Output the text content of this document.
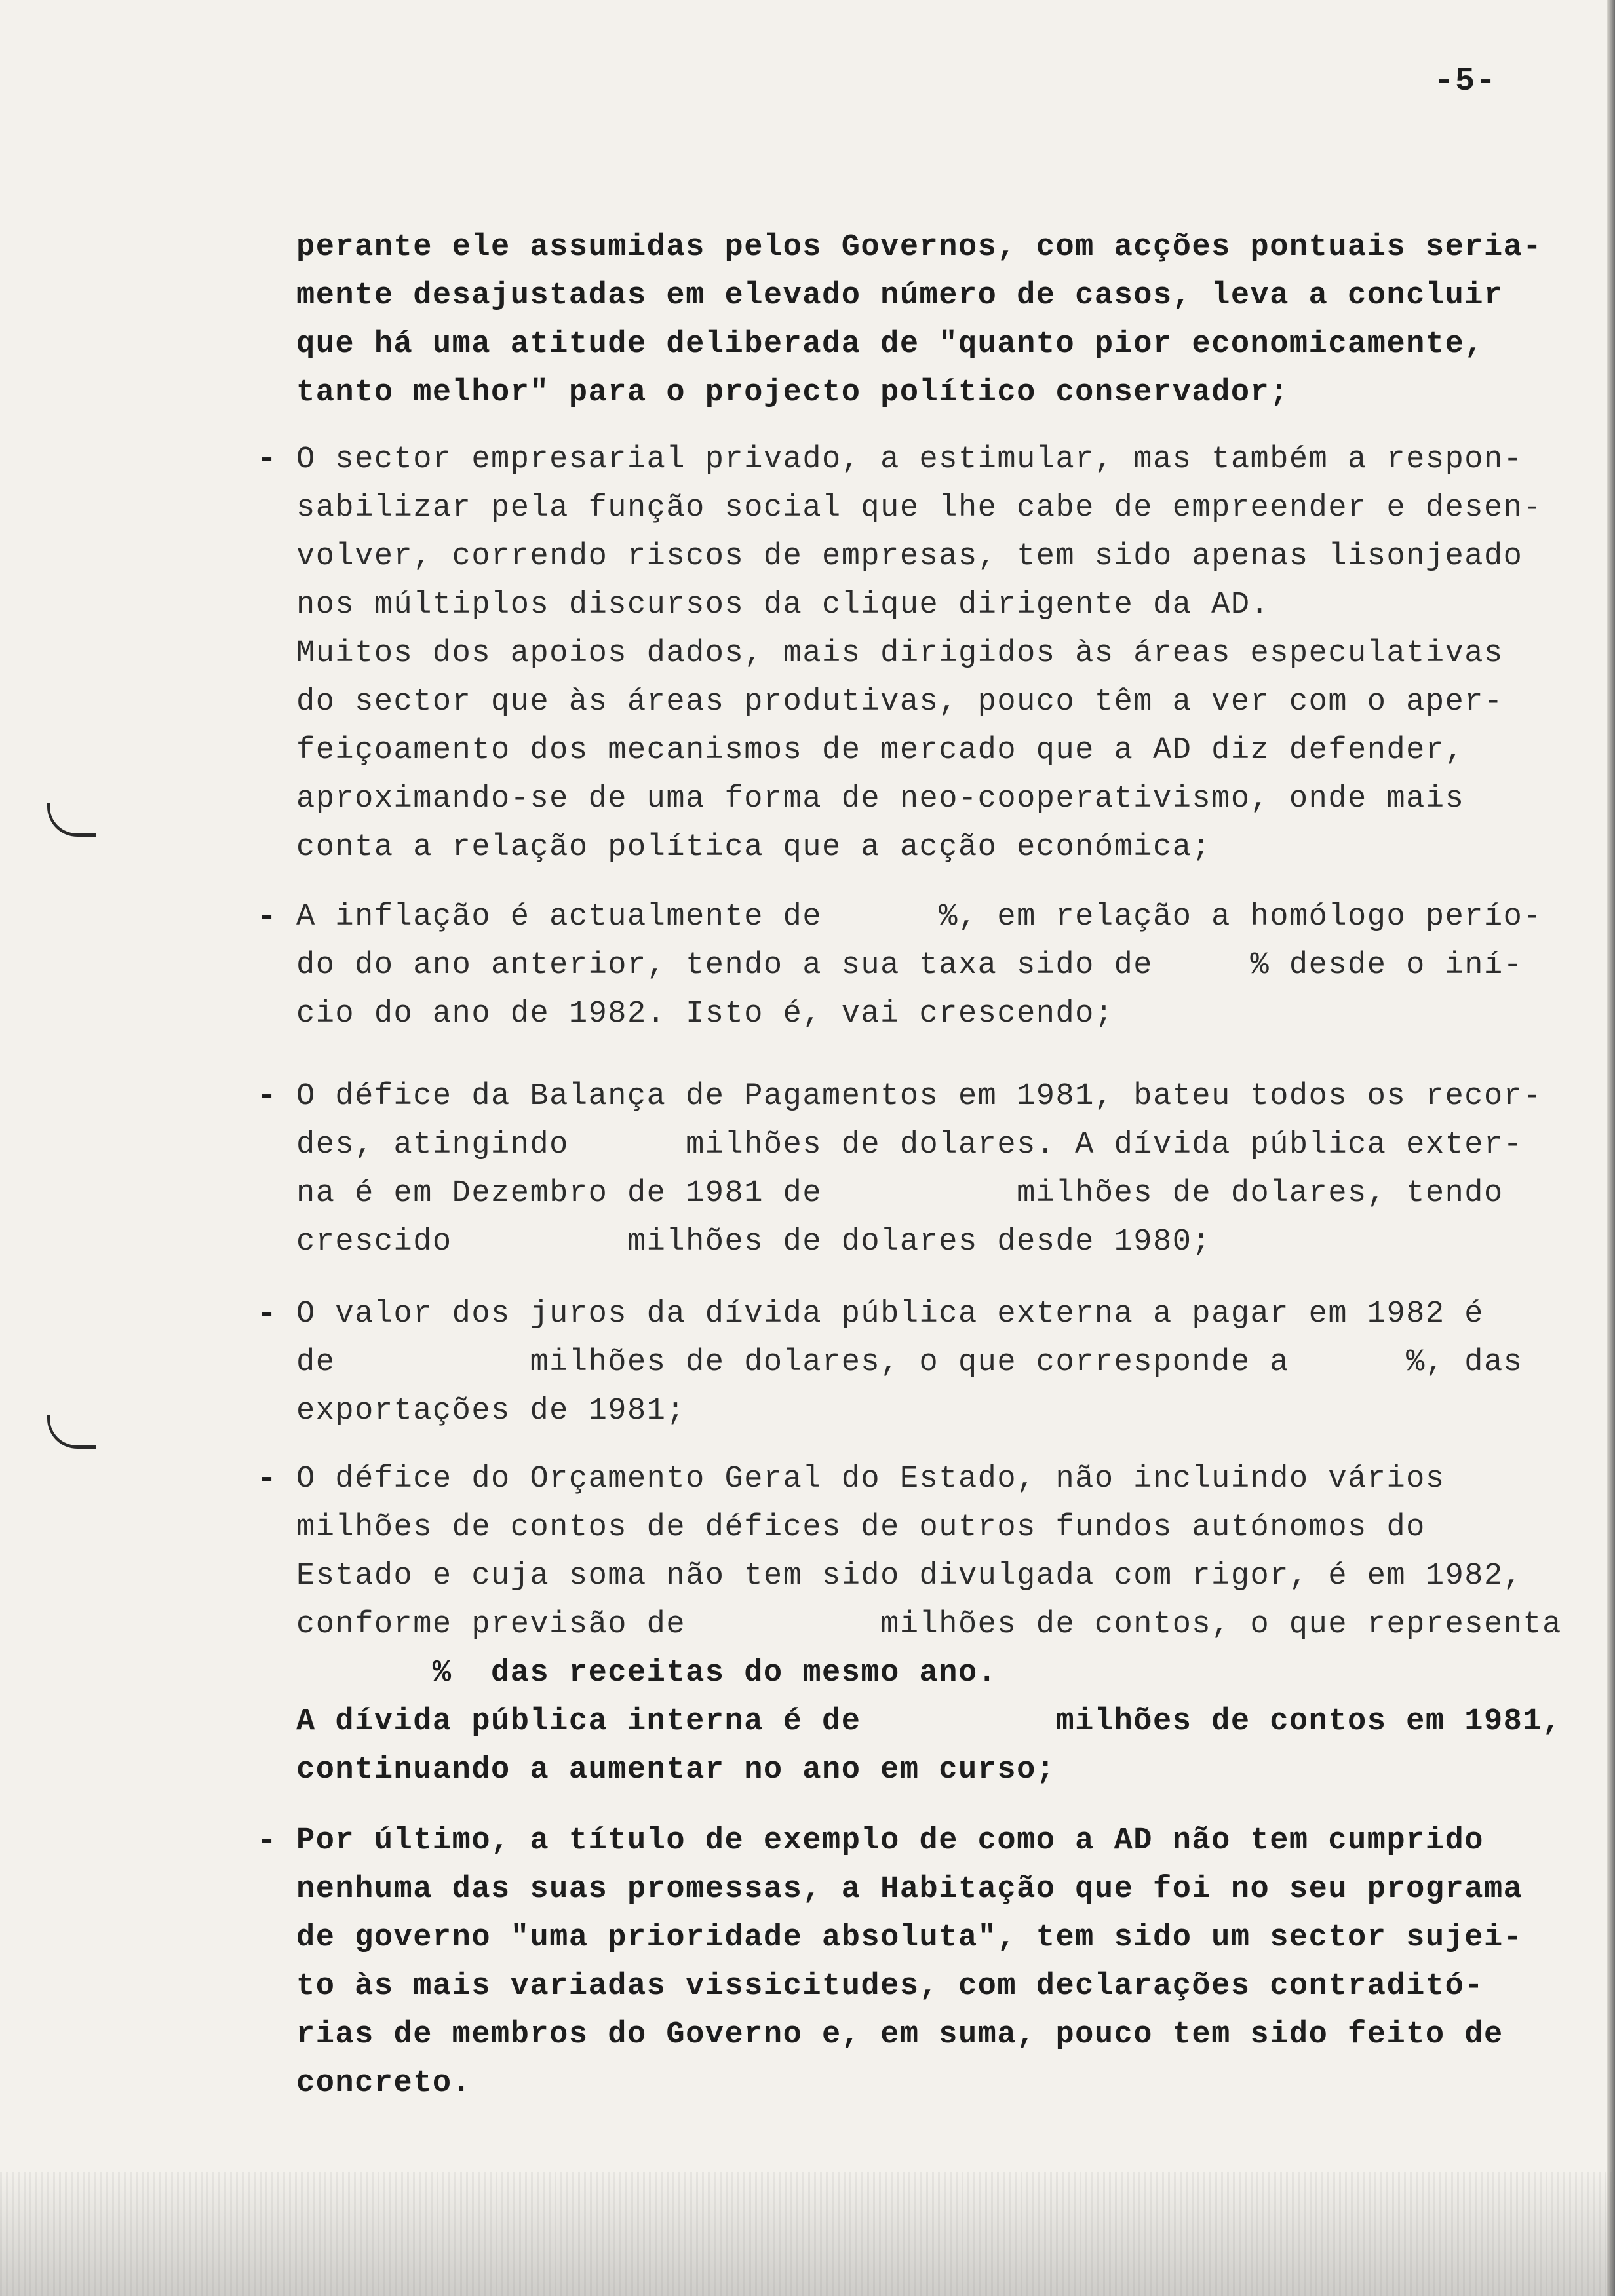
-5-
perante ele assumidas pelos Governos, com acções pontuais seria-
mente desajustadas em elevado número de casos, leva a concluir
que há uma atitude deliberada de "quanto pior economicamente,
tanto melhor" para o projecto político conservador;
- O sector empresarial privado, a estimular, mas também a respon-
sabilizar pela função social que lhe cabe de empreender e desen-
volver, correndo riscos de empresas, tem sido apenas lisonjeado
nos múltiplos discursos da clique dirigente da AD.
Muitos dos apoios dados, mais dirigidos às áreas especulativas
do sector que às áreas produtivas, pouco têm a ver com o aper-
feiçoamento dos mecanismos de mercado que a AD diz defender,
aproximando-se de uma forma de neo-cooperativismo, onde mais
conta a relação política que a acção económica;
- A inflação é actualmente de      %, em relação a homólogo perío-
do do ano anterior, tendo a sua taxa sido de     % desde o iní-
cio do ano de 1982. Isto é, vai crescendo;
- O défice da Balança de Pagamentos em 1981, bateu todos os recor-
des, atingindo      milhões de dolares. A dívida pública exter-
na é em Dezembro de 1981 de          milhões de dolares, tendo
crescido         milhões de dolares desde 1980;
- O valor dos juros da dívida pública externa a pagar em 1982 é
de          milhões de dolares, o que corresponde a      %, das
exportações de 1981;
- O défice do Orçamento Geral do Estado, não incluindo vários
milhões de contos de défices de outros fundos autónomos do
Estado e cuja soma não tem sido divulgada com rigor, é em 1982,
conforme previsão de          milhões de contos, o que representa
%  das receitas do mesmo ano.
A dívida pública interna é de          milhões de contos em 1981,
continuando a aumentar no ano em curso;
- Por último, a título de exemplo de como a AD não tem cumprido
nenhuma das suas promessas, a Habitação que foi no seu programa
de governo "uma prioridade absoluta", tem sido um sector sujei-
to às mais variadas vissicitudes, com declarações contraditó-
rias de membros do Governo e, em suma, pouco tem sido feito de
concreto.
